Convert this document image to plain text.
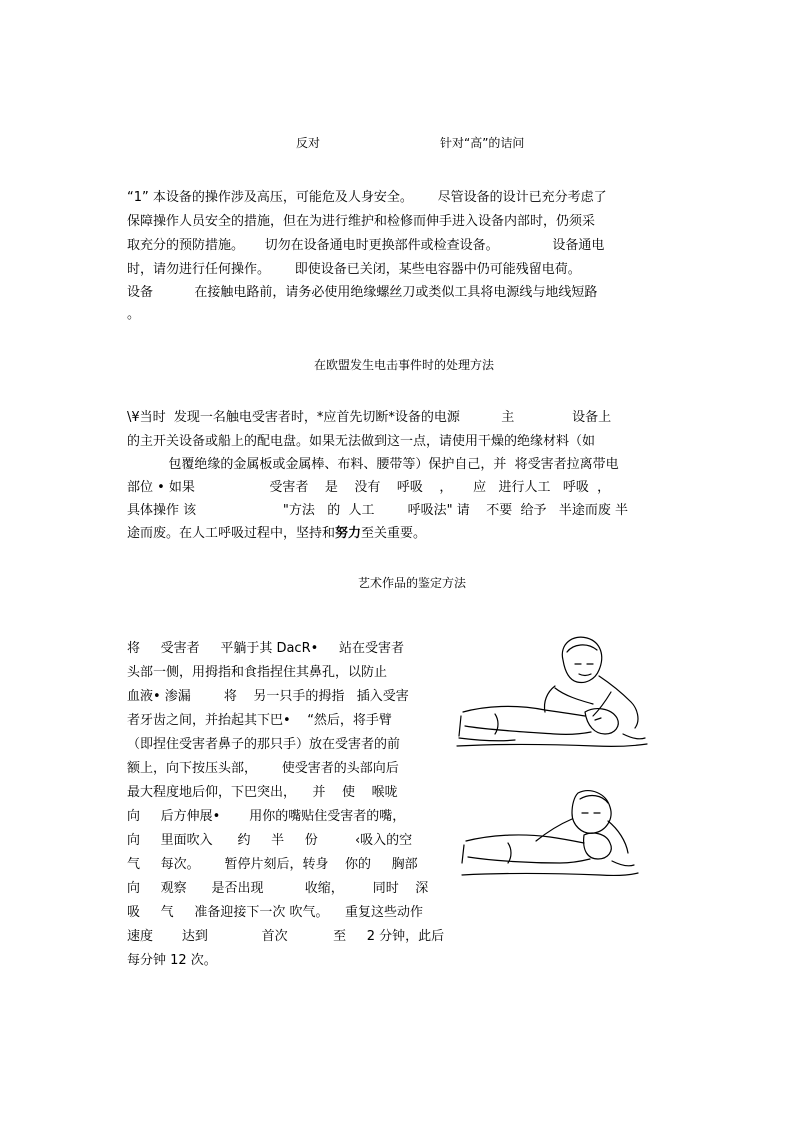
反对	针对“高”的诘问
“1” 本设备的操作涉及高压，可能危及人身安全。      尽管设备的设计已充分考虑了
保障操作人员安全的措施，但在为进行维护和检修而伸手进入设备内部时，仍须采
取充分的预防措施。     切勿在设备通电时更换部件或检查设备。             设备通电
时，请勿进行任何操作。      即使设备已关闭，某些电容器中仍可能残留电荷。
设备          在接触电路前，请务必使用绝缘螺丝刀或类似工具将电源线与地线短路
。
在欧盟发生电击事件时的处理方法
\¥当时  发现一名触电受害者时，*应首先切断*设备的电源          主              设备上
的主开关设备或船上的配电盘。如果无法做到这一点，请使用干燥的绝缘材料（如
包覆绝缘的金属板或金属棒、布料、腰带等）保护自己，并  将受害者拉离带电
部位 • 如果                  受害者    是    没有    呼吸    ，     应   进行人工   呼吸  ，
具体操作 该                     "方法   的  人工        呼吸法" 请    不要  给予   半途而废 半
途而废。在人工呼吸过程中，坚持和努力至关重要。
艺术作品的鉴定方法
将     受害者     平躺于其 DacR•     站在受害者
头部一侧，用拇指和食指捏住其鼻孔，以防止
血液• 渗漏        将    另一只手的拇指   插入受害
者牙齿之间，并抬起其下巴•    “然后，将手臂
（即捏住受害者鼻子的那只手）放在受害者的前
额上，向下按压头部，      使受害者的头部向后
最大程度地后仰，下巴突出，    并    使    喉咙
向     后方伸展•       用你的嘴贴住受害者的嘴，
向     里面吹入      约     半     份         ‹吸入的空
气     每次。      暂停片刻后，转身    你的     胸部
向     观察      是否出现          收缩，       同时    深
吸     气     准备迎接下一次 吹气。    重复这些动作
速度       达到             首次           至     2 分钟，此后
每分钟 12 次。
